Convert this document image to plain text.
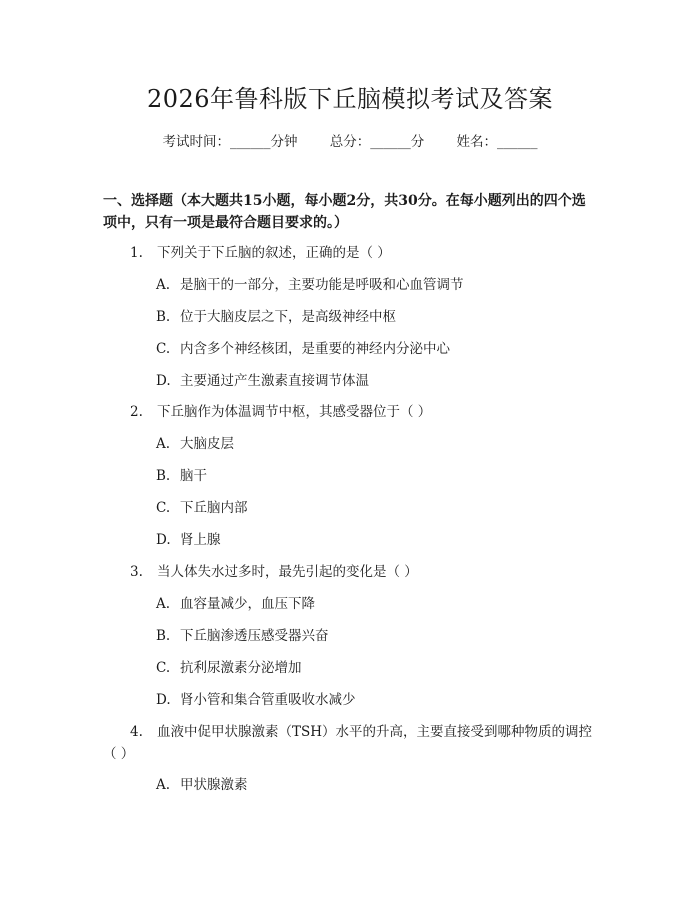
2026年鲁科版下丘脑模拟考试及答案
考试时间：______分钟 总分：______分 姓名：______
一、选择题（本大题共15小题，每小题2分，共30分。在每小题列出的四个选
项中，只有一项是最符合题目要求的。）
1. 下列关于下丘脑的叙述，正确的是（ ）
A. 是脑干的一部分，主要功能是呼吸和心血管调节
B. 位于大脑皮层之下，是高级神经中枢
C. 内含多个神经核团，是重要的神经内分泌中心
D. 主要通过产生激素直接调节体温
2. 下丘脑作为体温调节中枢，其感受器位于（ ）
A. 大脑皮层
B. 脑干
C. 下丘脑内部
D. 肾上腺
3. 当人体失水过多时，最先引起的变化是（ ）
A. 血容量减少，血压下降
B. 下丘脑渗透压感受器兴奋
C. 抗利尿激素分泌增加
D. 肾小管和集合管重吸收水减少
4. 血液中促甲状腺激素（TSH）水平的升高，主要直接受到哪种物质的调控
（ ）
A. 甲状腺激素
